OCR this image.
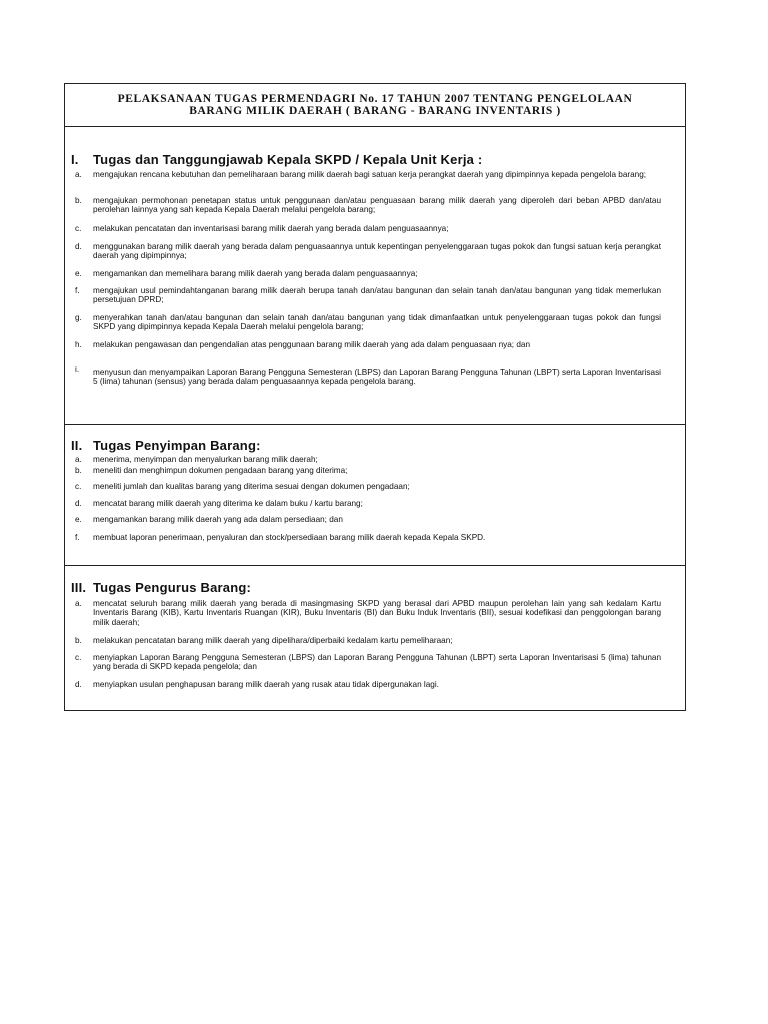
PELAKSANAAN TUGAS PERMENDAGRI No. 17 TAHUN 2007 TENTANG PENGELOLAAN
BARANG MILIK DAERAH ( BARANG - BARANG INVENTARIS )
I. Tugas dan Tanggungjawab Kepala SKPD / Kepala Unit Kerja :
a. mengajukan rencana kebutuhan dan pemeliharaan barang milik daerah bagi satuan kerja perangkat daerah yang dipimpinnya kepada pengelola barang;
b. mengajukan permohonan penetapan status untuk penggunaan dan/atau penguasaan barang milik daerah yang diperoleh dari beban APBD dan/atau perolehan lainnya yang sah kepada Kepala Daerah melalui pengelola barang;
c. melakukan pencatatan dan inventarisasi barang milik daerah yang berada dalam penguasaannya;
d. menggunakan barang milik daerah yang berada dalam penguasaannya untuk kepentingan penyelenggaraan tugas pokok dan fungsi satuan kerja perangkat daerah yang dipimpinnya;
e. mengamankan dan memelihara barang milik daerah yang berada dalam penguasaannya;
f. mengajukan usul pemindahtanganan barang milik daerah berupa tanah dan/atau bangunan dan selain tanah dan/atau bangunan yang tidak memerlukan persetujuan DPRD;
g. menyerahkan tanah dan/atau bangunan dan selain tanah dan/atau bangunan yang tidak dimanfaatkan untuk penyelenggaraan tugas pokok dan fungsi SKPD yang dipimpinnya kepada Kepala Daerah melalui pengelola barang;
h. melakukan pengawasan dan pengendalian atas penggunaan barang milik daerah yang ada dalam penguasaan nya; dan
i. menyusun dan menyampaikan Laporan Barang Pengguna Semesteran (LBPS) dan Laporan Barang Pengguna Tahunan (LBPT) serta Laporan Inventarisasi 5 (lima) tahunan (sensus) yang berada dalam penguasaannya kepada pengelola barang.
II. Tugas Penyimpan Barang:
a. menerima, menyimpan dan menyalurkan barang milik daerah;
b. meneliti dan menghimpun dokumen pengadaan barang yang diterima;
c. meneliti jumlah dan kualitas barang yang diterima sesuai dengan dokumen pengadaan;
d. mencatat barang milik daerah yang diterima ke dalam buku / kartu barang;
e. mengamankan barang milik daerah yang ada dalam persediaan; dan
f. membuat laporan penerimaan, penyaluran dan stock/persediaan barang milik daerah kepada Kepala SKPD.
III. Tugas Pengurus Barang:
a. mencatat seluruh barang milik daerah yang berada di masingmasing SKPD yang berasal dari APBD maupun perolehan lain yang sah kedalam Kartu Inventaris Barang (KIB), Kartu Inventaris Ruangan (KIR), Buku Inventaris (BI) dan Buku Induk Inventaris (BII), sesuai kodefikasi dan penggolongan barang milik daerah;
b. melakukan pencatatan barang milik daerah yang dipelihara/diperbaiki kedalam kartu pemeliharaan;
c. menyiapkan Laporan Barang Pengguna Semesteran (LBPS) dan Laporan Barang Pengguna Tahunan (LBPT) serta Laporan Inventarisasi 5 (lima) tahunan yang berada di SKPD kepada pengelola; dan
d. menyiapkan usulan penghapusan barang milik daerah yang rusak atau tidak dipergunakan lagi.
